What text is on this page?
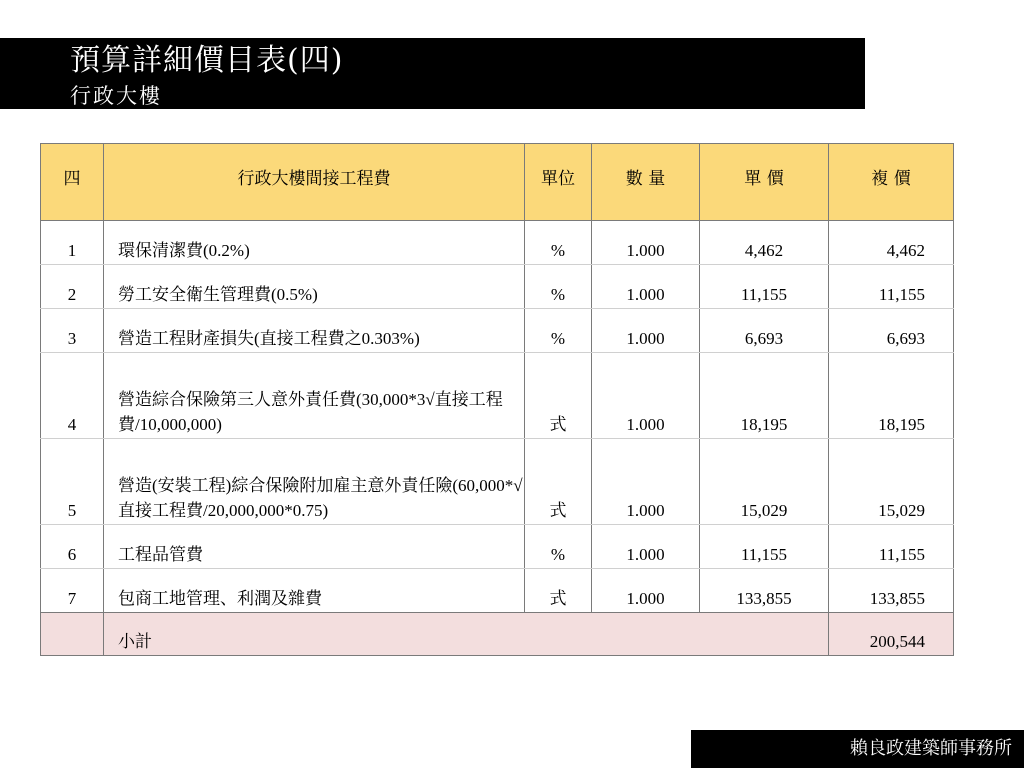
預算詳細價目表(四)
行政大樓
四	行政大樓間接工程費	單位	數 量	單 價	複 價
1	環保清潔費(0.2%)	%	1.000	4,462	4,462
2	勞工安全衛生管理費(0.5%)	%	1.000	11,155	11,155
3	營造工程財產損失(直接工程費之0.303%)	%	1.000	6,693	6,693
4	營造綜合保險第三人意外責任費(30,000*3√直接工程費/10,000,000)	式	1.000	18,195	18,195
5	營造(安裝工程)綜合保險附加雇主意外責任險(60,000*√直接工程費/20,000,000*0.75)	式	1.000	15,029	15,029
6	工程品管費	%	1.000	11,155	11,155
7	包商工地管理、利潤及雜費	式	1.000	133,855	133,855
	小計				200,544
賴良政建築師事務所
